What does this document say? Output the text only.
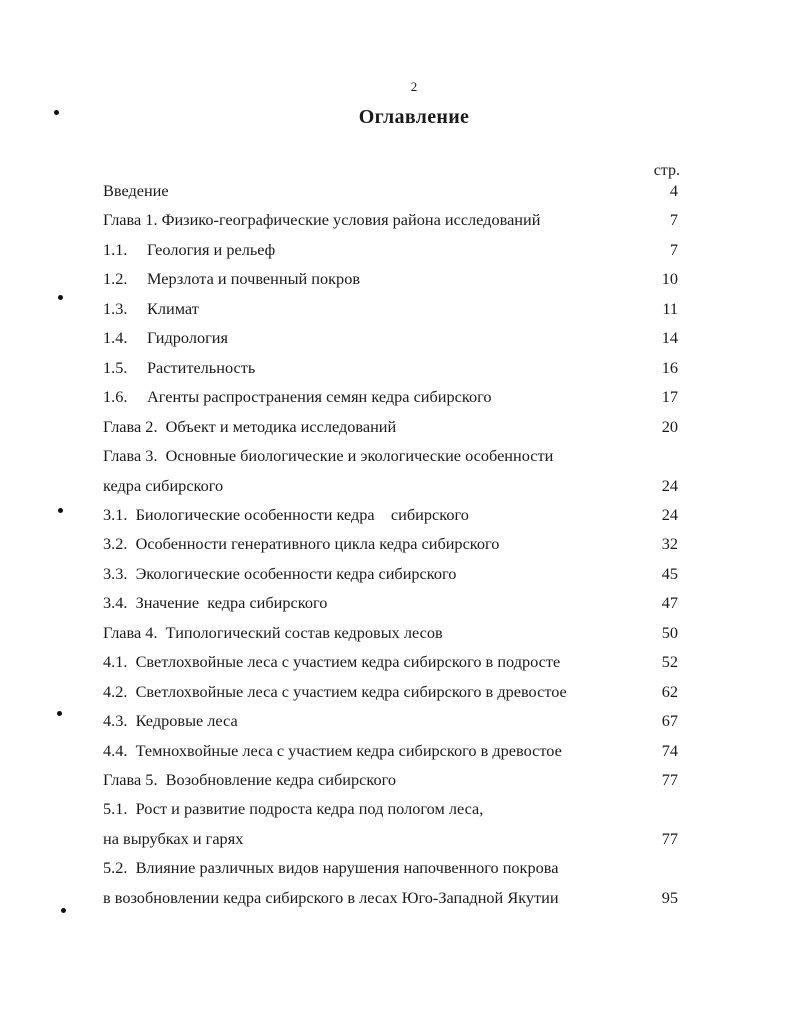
2
Оглавление
стр.
Введение	4
Глава 1. Физико-географические условия района исследований	7
1.1. Геология и рельеф	7
1.2. Мерзлота и почвенный покров	10
1.3. Климат	11
1.4. Гидрология	14
1.5. Растительность	16
1.6. Агенты распространения семян кедра сибирского	17
Глава 2.  Объект и методика исследований	20
Глава 3.  Основные биологические и экологические особенности
кедра сибирского	24
3.1.  Биологические особенности кедра    сибирского	24
3.2.  Особенности генеративного цикла кедра сибирского	32
3.3.  Экологические особенности кедра сибирского	45
3.4.  Значение  кедра сибирского	47
Глава 4.  Типологический состав кедровых лесов	50
4.1.  Светлохвойные леса с участием кедра сибирского в подросте	52
4.2.  Светлохвойные леса с участием кедра сибирского в древостое	62
4.3.  Кедровые леса	67
4.4.  Темнохвойные леса с участием кедра сибирского в древостое	74
Глава 5.  Возобновление кедра сибирского	77
5.1.  Рост и развитие подроста кедра под пологом леса,
на вырубках и гарях	77
5.2.  Влияние различных видов нарушения напочвенного покрова
в возобновлении кедра сибирского в лесах Юго-Западной Якутии	95
